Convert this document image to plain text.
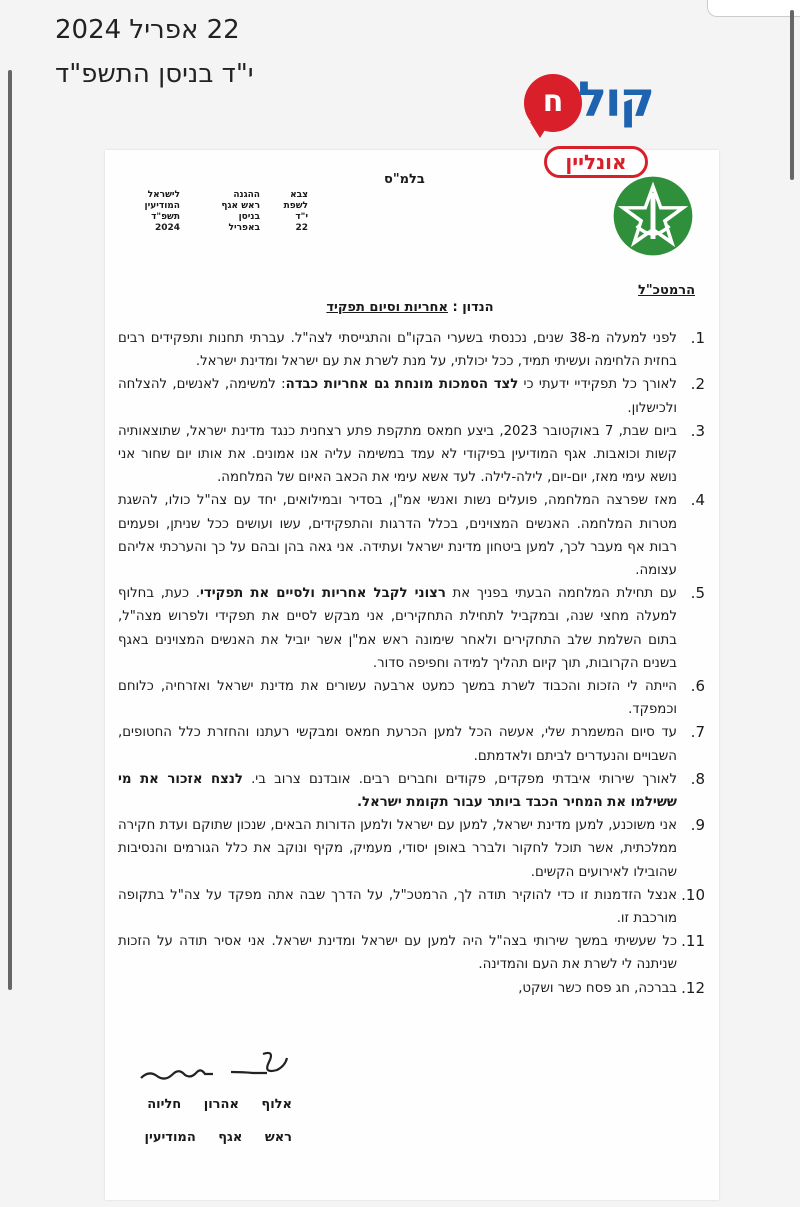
22 אפריל 2024
י"ד בניסן התשפ"ד
ח קול
אונליין
בלמ"ס
צבא
לשפת
י"ד
22
ההגנה
ראש אגף
בניסן
באפריל
לישראל
המודיעין
תשפ"ד
2024
הרמטכ"ל
הנדון : אחריות וסיום תפקיד
1.
לפני למעלה מ-38 שנים, נכנסתי בשערי הבקו"ם והתגייסתי לצה"ל. עברתי תחנות ותפקידים רבים בחזית הלחימה ועשיתי תמיד, ככל יכולתי, על מנת לשרת את עם ישראל ומדינת ישראל.
2.
לאורך כל תפקידיי ידעתי כי לצד הסמכות מונחת גם אחריות כבדה: למשימה, לאנשים, להצלחה ולכישלון.
3.
ביום שבת, 7 באוקטובר 2023, ביצע חמאס מתקפת פתע רצחנית כנגד מדינת ישראל, שתוצאותיה קשות וכואבות. אגף המודיעין בפיקודי לא עמד במשימה עליה אנו אמונים. את אותו יום שחור אני נושא עימי מאז, יום-יום, לילה-לילה. לעד אשא עימי את הכאב האיום של המלחמה.
4.
מאז שפרצה המלחמה, פועלים נשות ואנשי אמ"ן, בסדיר ובמילואים, יחד עם צה"ל כולו, להשגת מטרות המלחמה. האנשים המצוינים, בכלל הדרגות והתפקידים, עשו ועושים ככל שניתן, ופעמים רבות אף מעבר לכך, למען ביטחון מדינת ישראל ועתידה. אני גאה בהן ובהם על כך והערכתי אליהם עצומה.
5.
עם תחילת המלחמה הבעתי בפניך את רצוני לקבל אחריות ולסיים את תפקידי. כעת, בחלוף למעלה מחצי שנה, ובמקביל לתחילת התחקירים, אני מבקש לסיים את תפקידי ולפרוש מצה"ל, בתום השלמת שלב התחקירים ולאחר שימונה ראש אמ"ן אשר יוביל את האנשים המצוינים באגף בשנים הקרובות, תוך קיום תהליך למידה וחפיפה סדור.
6.
הייתה לי הזכות והכבוד לשרת במשך כמעט ארבעה עשורים את מדינת ישראל ואזרחיה, כלוחם וכמפקד.
7.
עד סיום המשמרת שלי, אעשה הכל למען הכרעת חמאס ומבקשי רעתנו והחזרת כלל החטופים, השבויים והנעדרים לביתם ולאדמתם.
8.
לאורך שירותי איבדתי מפקדים, פקודים וחברים רבים. אובדנם צרוב בי. לנצח אזכור את מי ששילמו את המחיר הכבד ביותר עבור תקומת ישראל.
9.
אני משוכנע, למען מדינת ישראל, למען עם ישראל ולמען הדורות הבאים, שנכון שתוקם ועדת חקירה ממלכתית, אשר תוכל לחקור ולברר באופן יסודי, מעמיק, מקיף ונוקב את כלל הגורמים והנסיבות שהובילו לאירועים הקשים.
10.
אנצל הזדמנות זו כדי להוקיר תודה לך, הרמטכ"ל, על הדרך שבה אתה מפקד על צה"ל בתקופה מורכבת זו.
11.
כל שעשיתי במשך שירותי בצה"ל היה למען עם ישראל ומדינת ישראל. אני אסיר תודה על הזכות שניתנה לי לשרת את העם והמדינה.
12.
בברכה, חג פסח כשר ושקט,
אלוף אהרון חליוה
ראש אגף המודיעין
